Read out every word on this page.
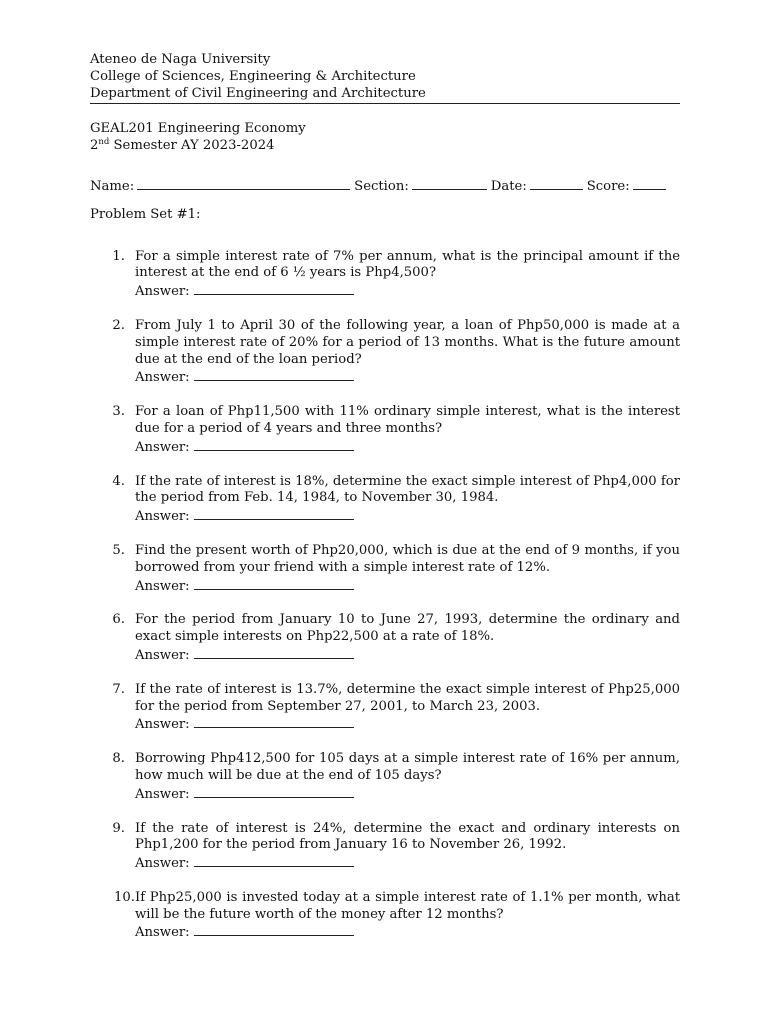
Ateneo de Naga University
College of Sciences, Engineering & Architecture
Department of Civil Engineering and Architecture
GEAL201 Engineering Economy
2nd Semester AY 2023-2024
Name:	Section:	Date:	Score:
Problem Set #1:
1. For a simple interest rate of 7% per annum, what is the principal amount if the interest at the end of 6 ½ years is Php4,500?
Answer:
2. From July 1 to April 30 of the following year, a loan of Php50,000 is made at a simple interest rate of 20% for a period of 13 months. What is the future amount due at the end of the loan period?
Answer:
3. For a loan of Php11,500 with 11% ordinary simple interest, what is the interest due for a period of 4 years and three months?
Answer:
4. If the rate of interest is 18%, determine the exact simple interest of Php4,000 for the period from Feb. 14, 1984, to November 30, 1984.
Answer:
5. Find the present worth of Php20,000, which is due at the end of 9 months, if you borrowed from your friend with a simple interest rate of 12%.
Answer:
6. For the period from January 10 to June 27, 1993, determine the ordinary and exact simple interests on Php22,500 at a rate of 18%.
Answer:
7. If the rate of interest is 13.7%, determine the exact simple interest of Php25,000 for the period from September 27, 2001, to March 23, 2003.
Answer:
8. Borrowing Php412,500 for 105 days at a simple interest rate of 16% per annum, how much will be due at the end of 105 days?
Answer:
9. If the rate of interest is 24%, determine the exact and ordinary interests on Php1,200 for the period from January 16 to November 26, 1992.
Answer:
10. If Php25,000 is invested today at a simple interest rate of 1.1% per month, what will be the future worth of the money after 12 months?
Answer:
